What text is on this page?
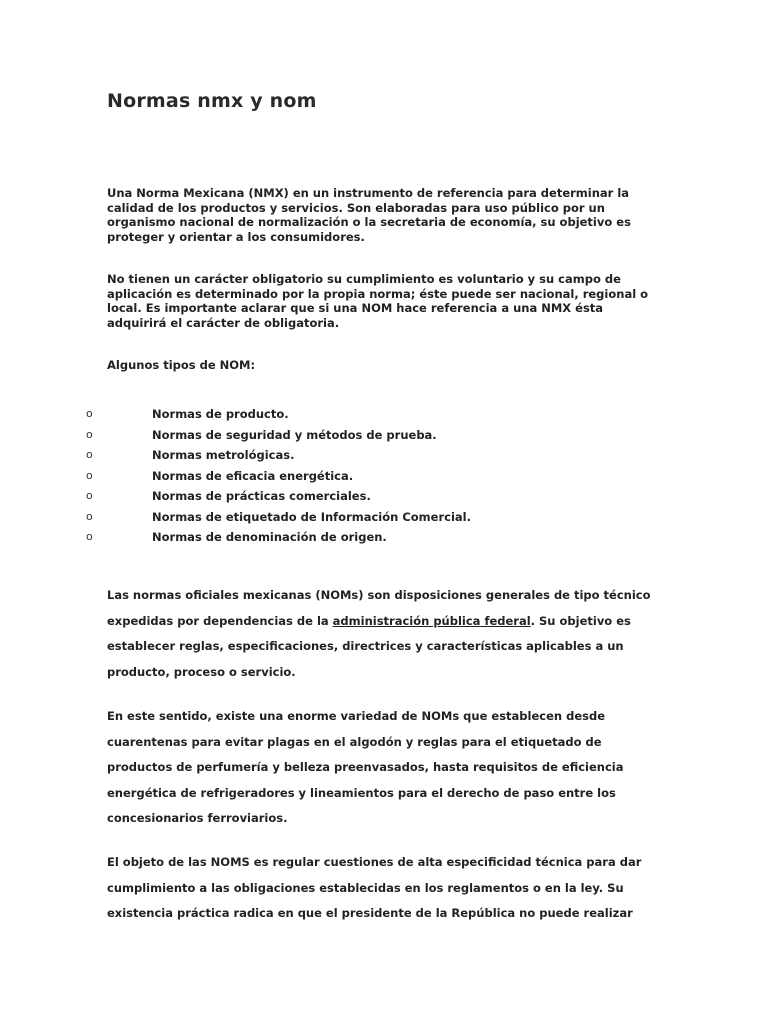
Normas nmx y nom

Una Norma Mexicana (NMX) en un instrumento de referencia para determinar la calidad de los productos y servicios. Son elaboradas para uso público por un organismo nacional de normalización o la secretaria de economía, su objetivo es proteger y orientar a los consumidores.

No tienen un carácter obligatorio su cumplimiento es voluntario y su campo de aplicación es determinado por la propia norma; éste puede ser nacional, regional o local. Es importante aclarar que si una NOM hace referencia a una NMX ésta adquirirá el carácter de obligatoria.

Algunos tipos de NOM:

o	Normas de producto.
o	Normas de seguridad y métodos de prueba.
o	Normas metrológicas.
o	Normas de eficacia energética.
o	Normas de prácticas comerciales.
o	Normas de etiquetado de Información Comercial.
o	Normas de denominación de origen.

Las normas oficiales mexicanas (NOMs) son disposiciones generales de tipo técnico expedidas por dependencias de la administración pública federal. Su objetivo es establecer reglas, especificaciones, directrices y características aplicables a un producto, proceso o servicio.

En este sentido, existe una enorme variedad de NOMs que establecen desde cuarentenas para evitar plagas en el algodón y reglas para el etiquetado de productos de perfumería y belleza preenvasados, hasta requisitos de eficiencia energética de refrigeradores y lineamientos para el derecho de paso entre los concesionarios ferroviarios.

El objeto de las NOMS es regular cuestiones de alta especificidad técnica para dar cumplimiento a las obligaciones establecidas en los reglamentos o en la ley. Su existencia práctica radica en que el presidente de la República no puede realizar
